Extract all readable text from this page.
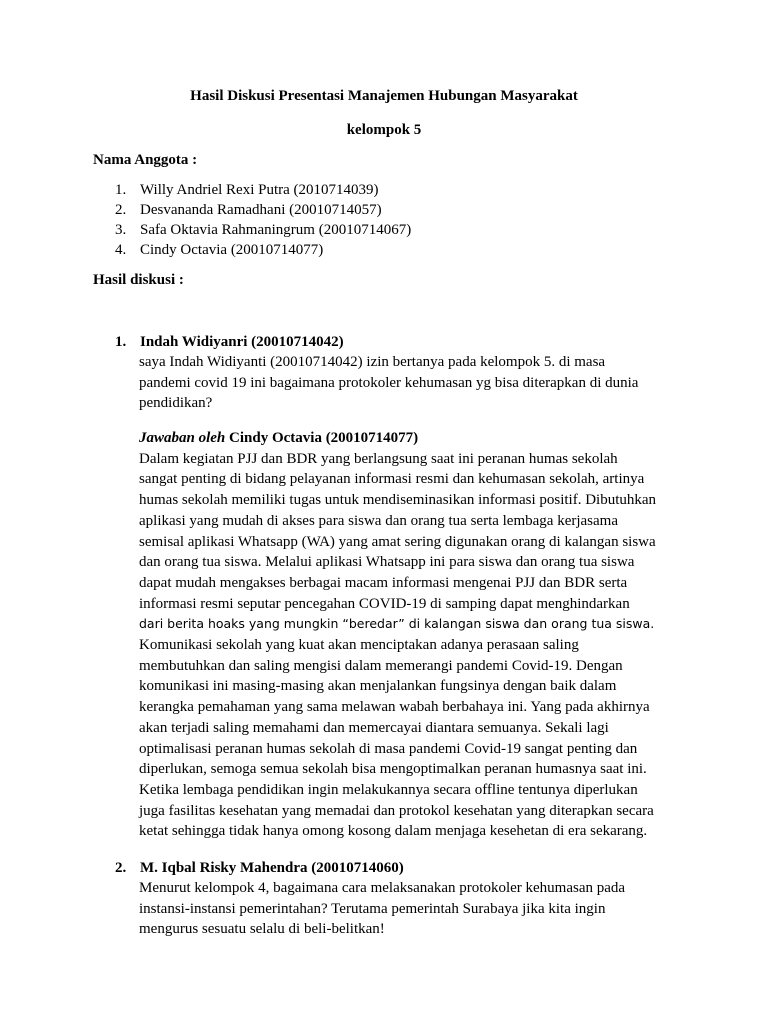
Hasil Diskusi Presentasi Manajemen Hubungan Masyarakat
kelompok 5
Nama Anggota :
1. Willy Andriel Rexi Putra (2010714039)
2. Desvananda Ramadhani (20010714057)
3. Safa Oktavia Rahmaningrum (20010714067)
4. Cindy Octavia (20010714077)
Hasil diskusi :
1. Indah Widiyanri (20010714042)

saya Indah Widiyanti (20010714042) izin bertanya pada kelompok 5. di masa

pandemi covid 19 ini bagaimana protokoler kehumasan yg bisa diterapkan di dunia

pendidikan?

Jawaban oleh Cindy Octavia (20010714077)

Dalam kegiatan PJJ dan BDR yang berlangsung saat ini peranan humas sekolah

sangat penting di bidang pelayanan informasi resmi dan kehumasan sekolah, artinya

humas sekolah memiliki tugas untuk mendiseminasikan informasi positif. Dibutuhkan

aplikasi yang mudah di akses para siswa dan orang tua serta lembaga kerjasama

semisal aplikasi Whatsapp (WA) yang amat sering digunakan orang di kalangan siswa

dan orang tua siswa. Melalui aplikasi Whatsapp ini para siswa dan orang tua siswa

dapat mudah mengakses berbagai macam informasi mengenai PJJ dan BDR serta

informasi resmi seputar pencegahan COVID-19 di samping dapat menghindarkan

dari berita hoaks yang mungkin “beredar” di kalangan siswa dan orang tua siswa.

Komunikasi sekolah yang kuat akan menciptakan adanya perasaan saling

membutuhkan dan saling mengisi dalam memerangi pandemi Covid-19. Dengan

komunikasi ini masing-masing akan menjalankan fungsinya dengan baik dalam

kerangka pemahaman yang sama melawan wabah berbahaya ini. Yang pada akhirnya

akan terjadi saling memahami dan memercayai diantara semuanya. Sekali lagi

optimalisasi peranan humas sekolah di masa pandemi Covid-19 sangat penting dan

diperlukan, semoga semua sekolah bisa mengoptimalkan peranan humasnya saat ini.

Ketika lembaga pendidikan ingin melakukannya secara offline tentunya diperlukan

juga fasilitas kesehatan yang memadai dan protokol kesehatan yang diterapkan secara

ketat sehingga tidak hanya omong kosong dalam menjaga kesehetan di era sekarang.

2. M. Iqbal Risky Mahendra (20010714060)

Menurut kelompok 4, bagaimana cara melaksanakan protokoler kehumasan pada

instansi-instansi pemerintahan? Terutama pemerintah Surabaya jika kita ingin

mengurus sesuatu selalu di beli-belitkan!
